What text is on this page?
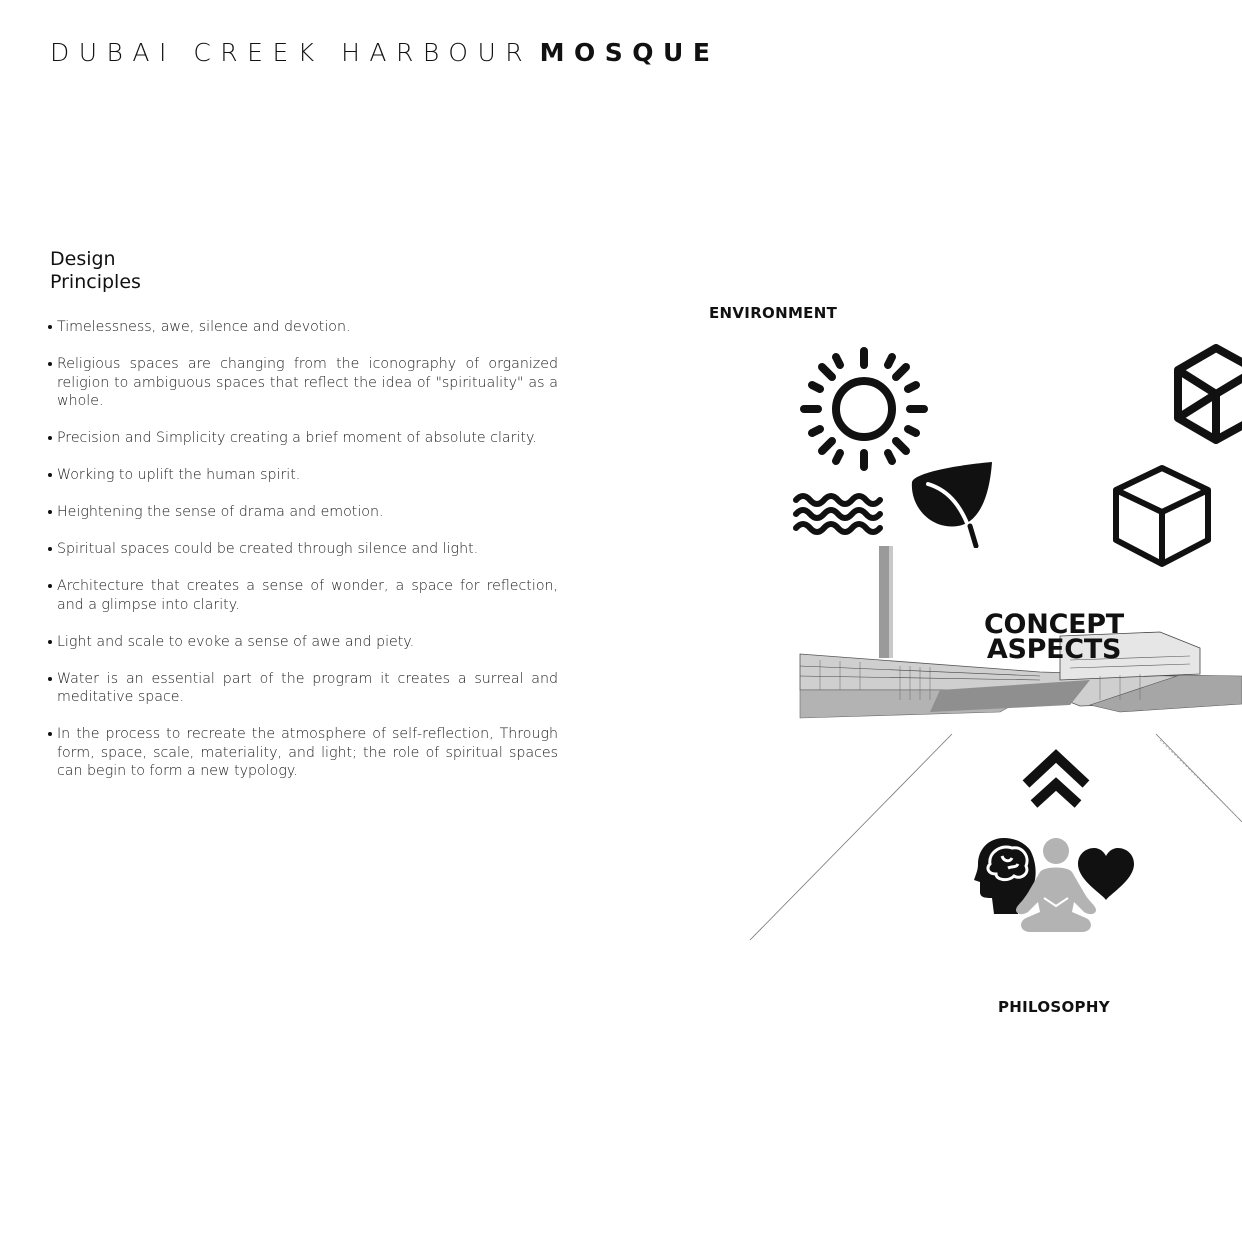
DUBAI CREEK HARBOUR MOSQUE
Design
Principles
Timelessness, awe, silence and devotion.
Religious spaces are changing from the iconography of organized religion to ambiguous spaces that reflect the idea of "spirituality" as a whole.
Precision and Simplicity creating a brief moment of absolute clarity.
Working to uplift the human spirit.
Heightening the sense of drama and emotion.
Spiritual spaces could be created through silence and light.
Architecture that creates a sense of wonder, a space for reflection, and a glimpse into clarity.
Light and scale to evoke a sense of awe and piety.
Water is an essential part of the program it creates a surreal and meditative space.
In the process to recreate the atmosphere of self-reflection, Through form, space, scale, materiality, and light; the role of spiritual spaces can begin to form a new typology.
ENVIRONMENT
CONCEPT
ASPECTS
PHILOSOPHY
